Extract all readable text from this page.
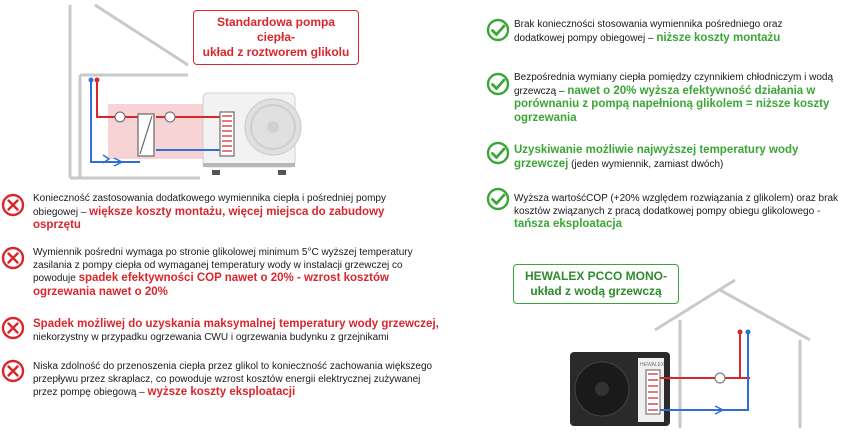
Standardowa pompa ciepła-
układ z roztworem glikolu
HEWALEX
HEWALEX PCCO MONO-
układ z wodą grzewczą
Konieczność zastosowania dodatkowego wymiennika ciepła i pośredniej pompy obiegowej – większe koszty montażu, więcej miejsca do zabudowy osprzętu
Wymiennik pośredni wymaga po stronie glikolowej minimum 5°C wyższej temperatury zasilania z pompy ciepła od wymaganej temperatury wody w instalacji grzewczej co powoduje spadek efektywności COP nawet o 20% - wzrost kosztów ogrzewania nawet o 20%
Spadek możliwej do uzyskania maksymalnej temperatury wody grzewczej, niekorzystny w przypadku ogrzewania CWU i ogrzewania budynku z grzejnikami
Niska zdolność do przenoszenia ciepła przez glikol to konieczność zachowania większego przepływu przez skraplacz, co powoduje wzrost kosztów energii elektrycznej zużywanej przez pompę obiegową – wyższe koszty eksploatacji
Brak konieczności stosowania wymiennika pośredniego oraz dodatkowej pompy obiegowej – niższe koszty montażu
Bezpośrednia wymiany ciepła pomiędzy czynnikiem chłodniczym i wodą grzewczą – nawet o 20% wyższa efektywność działania w porównaniu z pompą napełnioną glikolem = niższe koszty ogrzewania
Uzyskiwanie możliwie najwyższej temperatury wody grzewczej (jeden wymiennik, zamiast dwóch)
Wyższa wartośćCOP (+20% względem rozwiązania z glikolem) oraz brak kosztów związanych z pracą dodatkowej pompy obiegu glikolowego - tańsza eksploatacja
